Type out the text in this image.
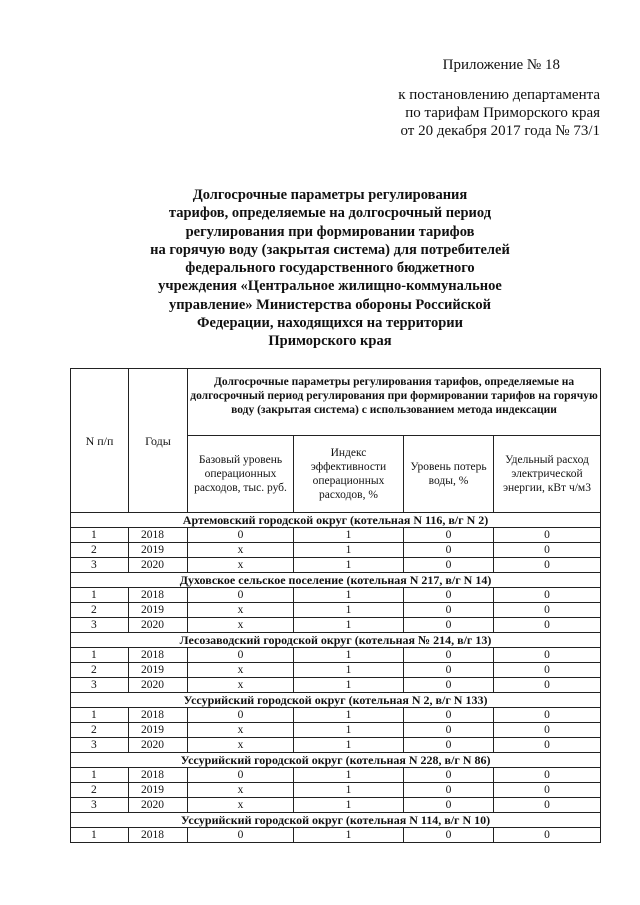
Приложение № 18
к постановлению департамента
по тарифам Приморского края
от 20 декабря 2017 года № 73/1
Долгосрочные параметры регулирования
тарифов, определяемые на долгосрочный период
регулирования при формировании тарифов
на горячую воду (закрытая система) для потребителей
федерального государственного бюджетного
учреждения «Центральное жилищно-коммунальное
управление» Министерства обороны Российской
Федерации, находящихся на территории
Приморского края
N п/п	Годы	Долгосрочные параметры регулирования тарифов, определяемые на долгосрочный период регулирования при формировании тарифов на горячую воду (закрытая система) с использованием метода индексации			
		Базовый уровень операционных расходов, тыс. руб.	Индекс эффективности операционных расходов, %	Уровень потерь воды, %	Удельный расход электрической энергии, кВт ч/м3
Артемовский городской округ (котельная N 116, в/г N 2)					
1	2018	0	1	0	0
2	2019	х	1	0	0
3	2020	х	1	0	0
Духовское сельское поселение (котельная N 217, в/г N 14)					
1	2018	0	1	0	0
2	2019	х	1	0	0
3	2020	х	1	0	0
Лесозаводский городской округ (котельная № 214, в/г 13)					
1	2018	0	1	0	0
2	2019	х	1	0	0
3	2020	х	1	0	0
Уссурийский городской округ (котельная N 2, в/г N 133)					
1	2018	0	1	0	0
2	2019	х	1	0	0
3	2020	х	1	0	0
Уссурийский городской округ (котельная N 228, в/г N 86)					
1	2018	0	1	0	0
2	2019	х	1	0	0
3	2020	х	1	0	0
Уссурийский городской округ (котельная N 114, в/г N 10)					
1	2018	0	1	0	0
